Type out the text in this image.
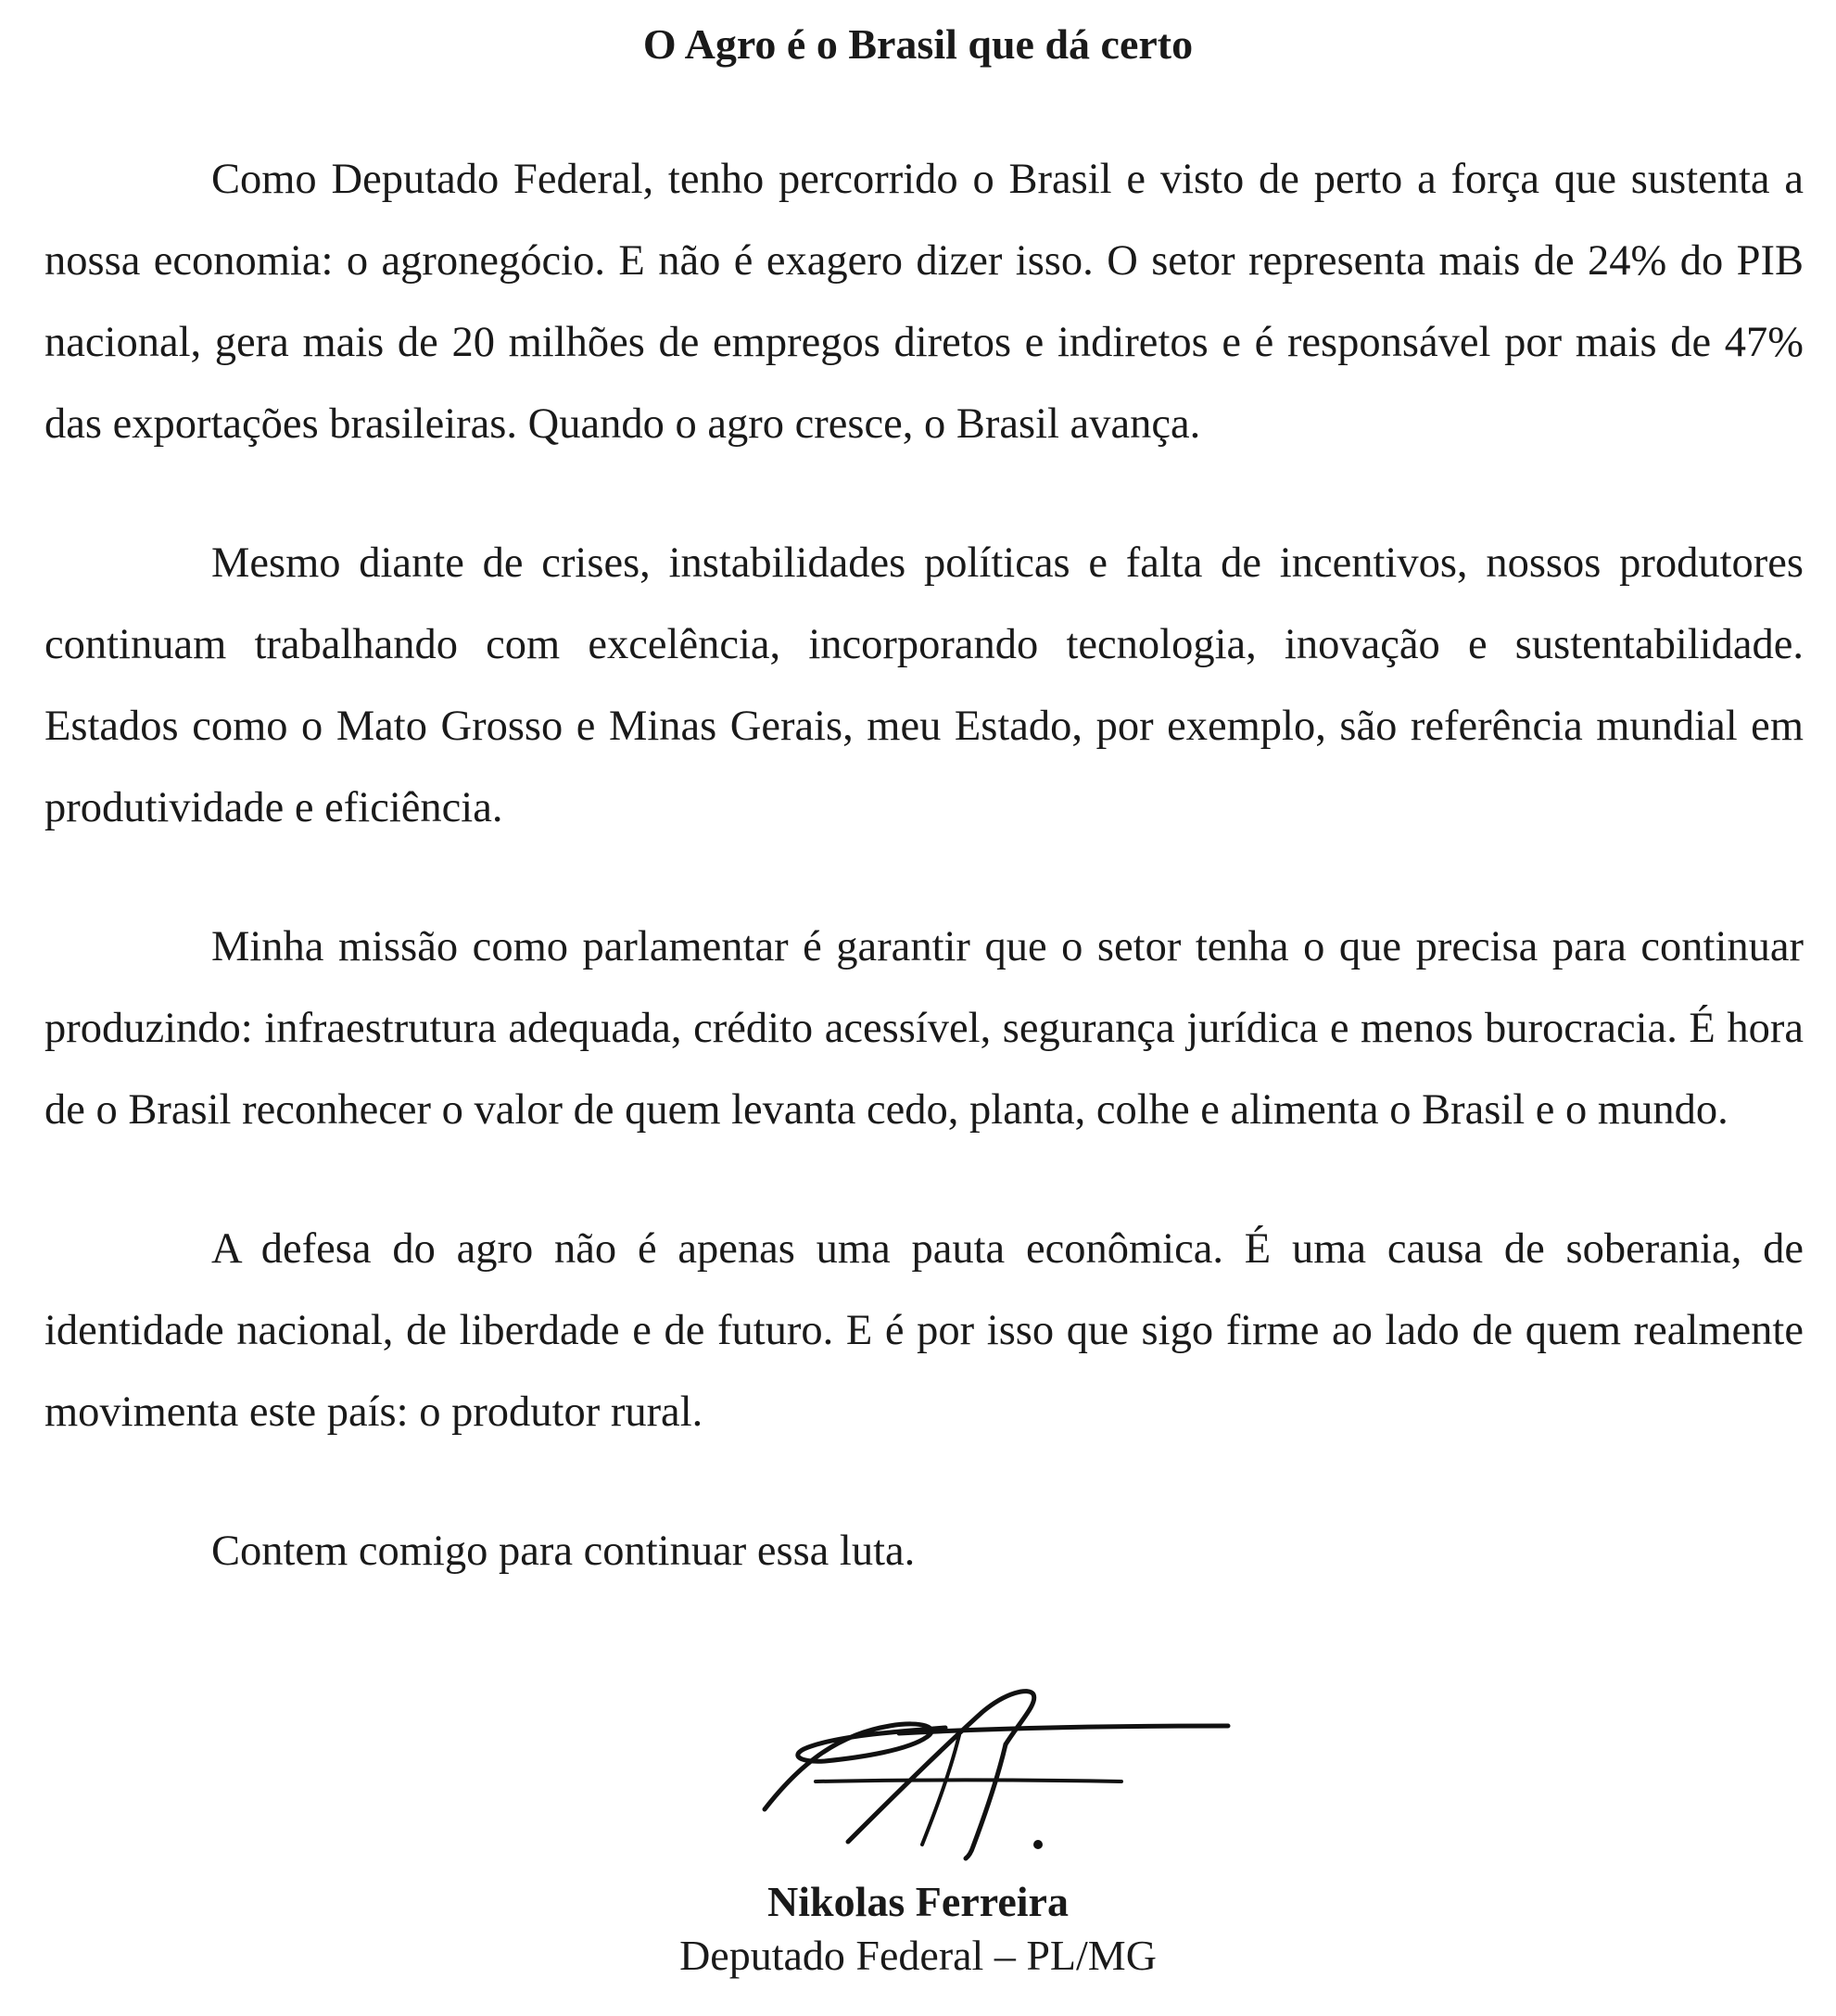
O Agro é o Brasil que dá certo

Como Deputado Federal, tenho percorrido o Brasil e visto de perto a força que sustenta a nossa economia: o agronegócio. E não é exagero dizer isso. O setor representa mais de 24% do PIB nacional, gera mais de 20 milhões de empregos diretos e indiretos e é responsável por mais de 47% das exportações brasileiras. Quando o agro cresce, o Brasil avança.

Mesmo diante de crises, instabilidades políticas e falta de incentivos, nossos produtores continuam trabalhando com excelência, incorporando tecnologia, inovação e sustentabilidade. Estados como o Mato Grosso e Minas Gerais, meu Estado, por exemplo, são referência mundial em produtividade e eficiência.

Minha missão como parlamentar é garantir que o setor tenha o que precisa para continuar produzindo: infraestrutura adequada, crédito acessível, segurança jurídica e menos burocracia. É hora de o Brasil reconhecer o valor de quem levanta cedo, planta, colhe e alimenta o Brasil e o mundo.

A defesa do agro não é apenas uma pauta econômica. É uma causa de soberania, de identidade nacional, de liberdade e de futuro. E é por isso que sigo firme ao lado de quem realmente movimenta este país: o produtor rural.

Contem comigo para continuar essa luta.

Nikolas Ferreira

Deputado Federal – PL/MG
